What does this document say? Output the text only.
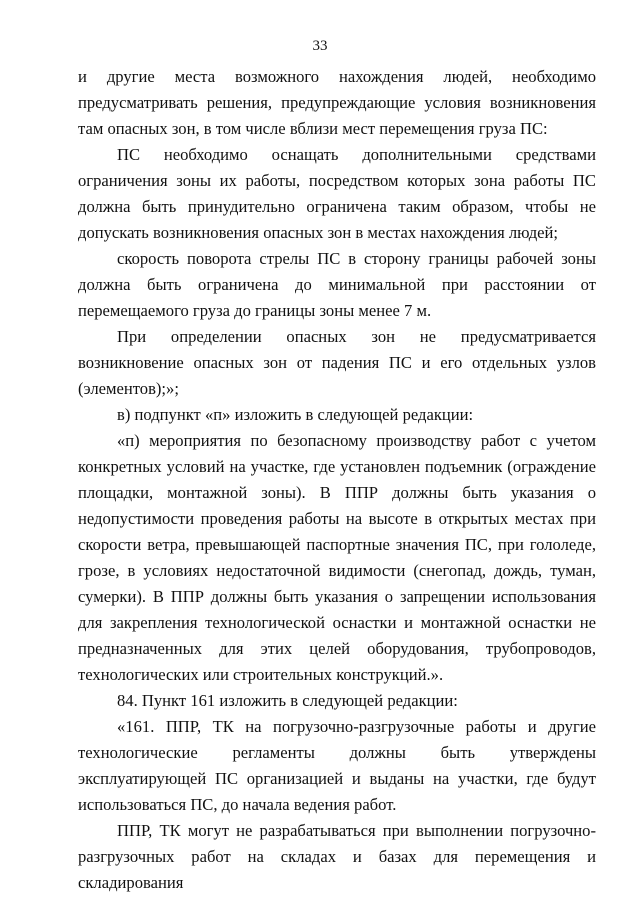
33

и другие места возможного нахождения людей, необходимо предусматривать решения, предупреждающие условия возникновения там опасных зон, в том числе вблизи мест перемещения груза ПС:

ПС необходимо оснащать дополнительными средствами ограничения зоны их работы, посредством которых зона работы ПС должна быть принудительно ограничена таким образом, чтобы не допускать возникновения опасных зон в местах нахождения людей;

скорость поворота стрелы ПС в сторону границы рабочей зоны должна быть ограничена до минимальной при расстоянии от перемещаемого груза до границы зоны менее 7 м.

При определении опасных зон не предусматривается возникновение опасных зон от падения ПС и его отдельных узлов (элементов);»;

в) подпункт «п» изложить в следующей редакции:

«п) мероприятия по безопасному производству работ с учетом конкретных условий на участке, где установлен подъемник (ограждение площадки, монтажной зоны). В ППР должны быть указания о недопустимости проведения работы на высоте в открытых местах при скорости ветра, превышающей паспортные значения ПС, при гололеде, грозе, в условиях недостаточной видимости (снегопад, дождь, туман, сумерки). В ППР должны быть указания о запрещении использования для закрепления технологической оснастки и монтажной оснастки не предназначенных для этих целей оборудования, трубопроводов, технологических или строительных конструкций.».

84. Пункт 161 изложить в следующей редакции:

«161. ППР, ТК на погрузочно-разгрузочные работы и другие технологические регламенты должны быть утверждены эксплуатирующей ПС организацией и выданы на участки, где будут использоваться ПС, до начала ведения работ.

ППР, ТК могут не разрабатываться при выполнении погрузочно-разгрузочных работ на складах и базах для перемещения и складирования
